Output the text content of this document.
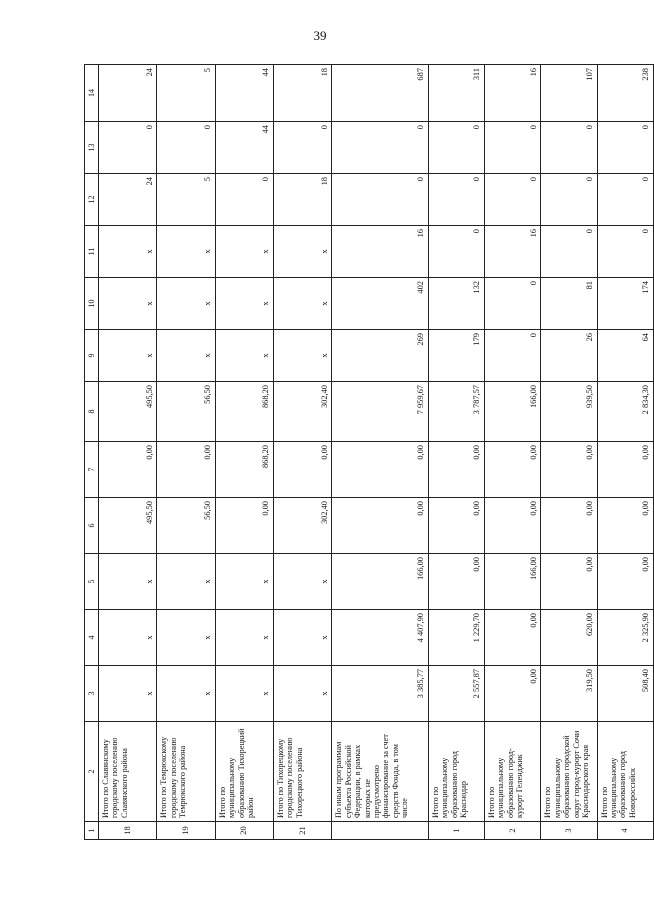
39
1	2	3	4	5	6	7	8	9	10	11	12	13	14
18	Итого по Славянскому городскому поселению Славянского района	x	x	x	495,50	0,00	495,50	x	x	x	24	0	24
19	Итого по Темрюкскому городскому поселению Темрюкского района	x	x	x	56,50	0,00	56,50	x	x	x	5	0	5
20	Итого по муниципальному образованию Тихорецкий район	x	x	x	0,00	868,20	868,20	x	x	x	0	44	44
21	Итого по Тихорецкому городскому поселению Тихорецкого района	x	x	x	302,40	0,00	302,40	x	x	x	18	0	18
	По иным программам субъекта Российской Федерации, в рамках которых не предусмотрено финансирование за счет средств Фонда, в том числе	3 385,77	4 407,90	166,00	0,00	0,00	7 959,67	269	402	16	0	0	687
1	Итого по муниципальному образованию город Краснодар	2 557,87	1 229,70	0,00	0,00	0,00	3 787,57	179	132	0	0	0	311
2	Итого по муниципальному образованию город-курорт Геленджик	0,00	0,00	166,00	0,00	0,00	166,00	0	0	16	0	0	16
3	Итого по муниципальному образованию городской округ город-курорт Сочи Краснодарского края	319,50	620,00	0,00	0,00	0,00	939,50	26	81	0	0	0	107
4	Итого по муниципальному образованию город Новороссийск	508,40	2 325,90	0,00	0,00	0,00	2 834,30	64	174	0	0	0	238
